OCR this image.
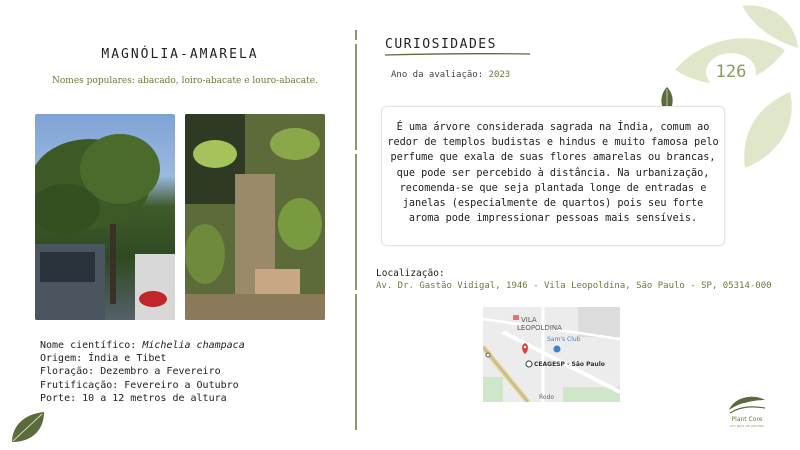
MAGNÓLIA-AMARELA
Nomes populares: abacado, loiro-abacate e louro-abacate.
Nome científico: Michelia champaca
Origem: Índia e Tibet
Floração: Dezembro a Fevereiro
Frutificação: Fevereiro a Outubro
Porte: 10 a 12 metros de altura
CURIOSIDADES
Ano da avaliação: 2023	126
É uma árvore considerada sagrada na Índia, comum ao redor de templos budistas e hindus e muito famosa pelo perfume que exala de suas flores amarelas ou brancas, que pode ser percebido à distância. Na urbanização, recomenda-se que seja plantada longe de entradas e janelas (especialmente de quartos) pois seu forte aroma pode impressionar pessoas mais sensíveis.
Localização:
Av. Dr. Gastão Vidigal, 1946 - Vila Leopoldina, São Paulo - SP, 05314-000
VILA
LEOPOLDINA
Sam's Club
CEAGESP - São Paulo
Rodo
Plant Core
um guia de plantas
